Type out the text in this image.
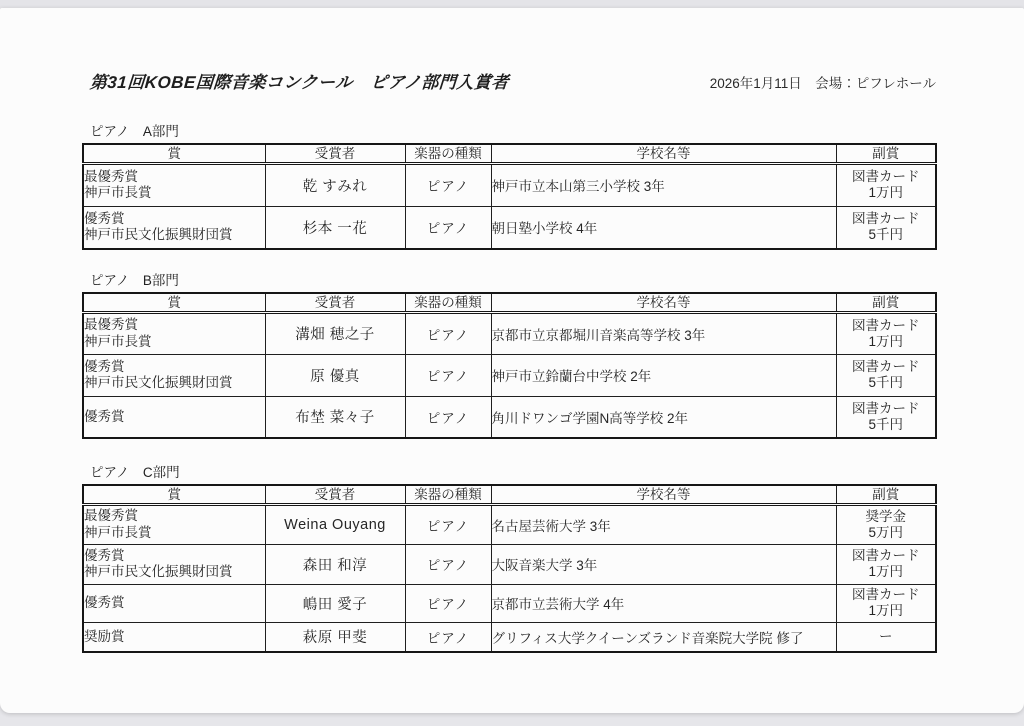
第31回KOBE国際音楽コンクール　ピアノ部門入賞者	2026年1月11日　会場：ピフレホール
ピアノ　A部門
賞	受賞者	楽器の種類	学校名等	副賞

最優秀賞
神戸市長賞	乾 すみれ	ピアノ	神戸市立本山第三小学校 3年	図書カード
1万円

優秀賞
神戸市民文化振興財団賞	杉本 一花	ピアノ	朝日塾小学校 4年	図書カード
5千円
ピアノ　B部門
賞	受賞者	楽器の種類	学校名等	副賞

最優秀賞
神戸市長賞	溝畑 穂之子	ピアノ	京都市立京都堀川音楽高等学校 3年	図書カード
1万円

優秀賞
神戸市民文化振興財団賞	原 優真	ピアノ	神戸市立鈴蘭台中学校 2年	図書カード
5千円

優秀賞	布埜 菜々子	ピアノ	角川ドワンゴ学園N高等学校 2年	図書カード
5千円
ピアノ　C部門
賞	受賞者	楽器の種類	学校名等	副賞

最優秀賞
神戸市長賞	Weina Ouyang	ピアノ	名古屋芸術大学 3年	奨学金
5万円

優秀賞
神戸市民文化振興財団賞	森田 和淳	ピアノ	大阪音楽大学 3年	図書カード
1万円

優秀賞	嶋田 愛子	ピアノ	京都市立芸術大学 4年	図書カード
1万円

奨励賞	萩原 甲斐	ピアノ	グリフィス大学クイーンズランド音楽院大学院 修了	ー
